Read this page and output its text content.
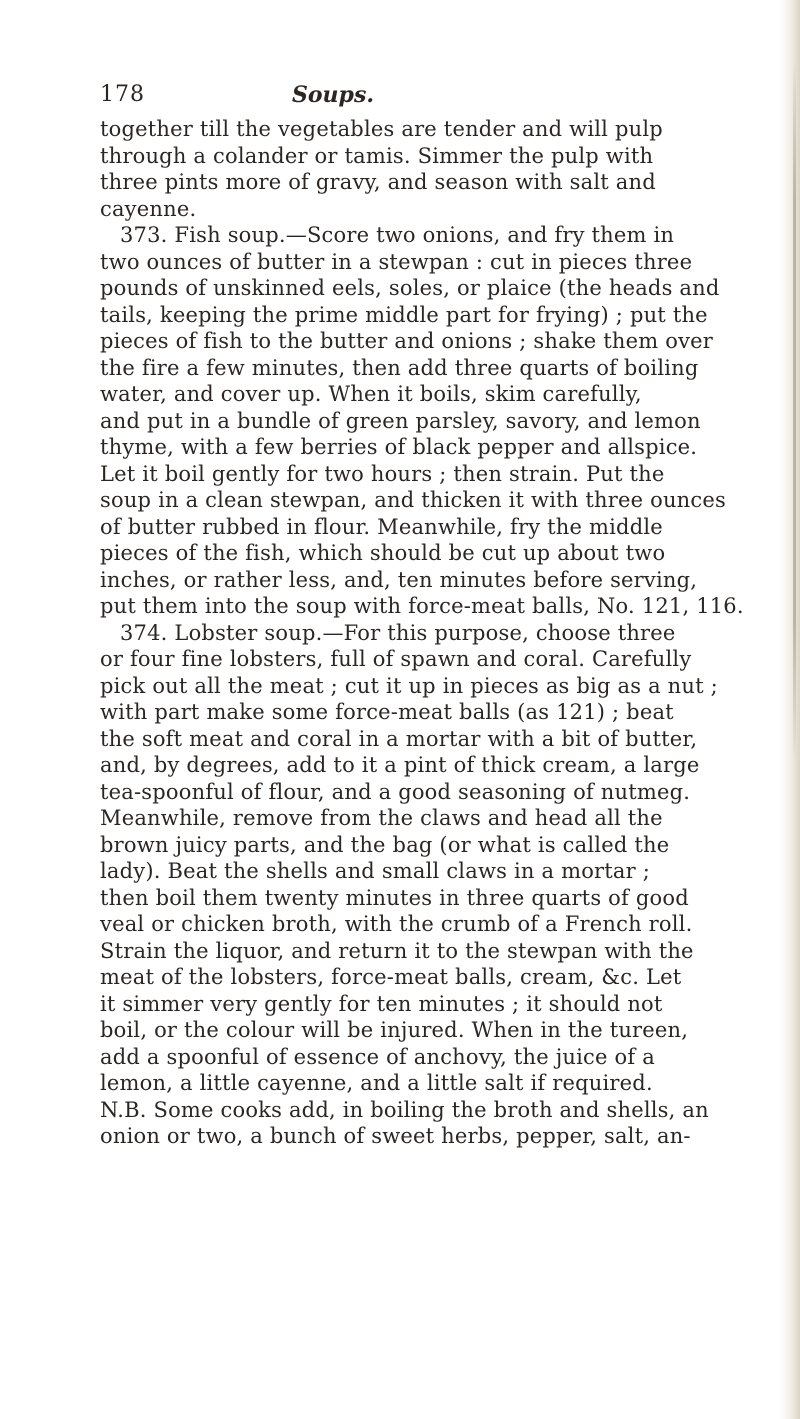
178	Soups.
together till the vegetables are tender and will pulp
through a colander or tamis. Simmer the pulp with
three pints more of gravy, and season with salt and
cayenne.
373. Fish soup.—Score two onions, and fry them in
two ounces of butter in a stewpan : cut in pieces three
pounds of unskinned eels, soles, or plaice (the heads and
tails, keeping the prime middle part for frying) ; put the
pieces of fish to the butter and onions ; shake them over
the fire a few minutes, then add three quarts of boiling
water, and cover up. When it boils, skim carefully,
and put in a bundle of green parsley, savory, and lemon
thyme, with a few berries of black pepper and allspice.
Let it boil gently for two hours ; then strain. Put the
soup in a clean stewpan, and thicken it with three ounces
of butter rubbed in flour. Meanwhile, fry the middle
pieces of the fish, which should be cut up about two
inches, or rather less, and, ten minutes before serving,
put them into the soup with force-meat balls, No. 121, 116.
374. Lobster soup.—For this purpose, choose three
or four fine lobsters, full of spawn and coral. Carefully
pick out all the meat ; cut it up in pieces as big as a nut ;
with part make some force-meat balls (as 121) ; beat
the soft meat and coral in a mortar with a bit of butter,
and, by degrees, add to it a pint of thick cream, a large
tea-spoonful of flour, and a good seasoning of nutmeg.
Meanwhile, remove from the claws and head all the
brown juicy parts, and the bag (or what is called the
lady). Beat the shells and small claws in a mortar ;
then boil them twenty minutes in three quarts of good
veal or chicken broth, with the crumb of a French roll.
Strain the liquor, and return it to the stewpan with the
meat of the lobsters, force-meat balls, cream, &c. Let
it simmer very gently for ten minutes ; it should not
boil, or the colour will be injured. When in the tureen,
add a spoonful of essence of anchovy, the juice of a
lemon, a little cayenne, and a little salt if required.
N.B. Some cooks add, in boiling the broth and shells, an
onion or two, a bunch of sweet herbs, pepper, salt, an-
